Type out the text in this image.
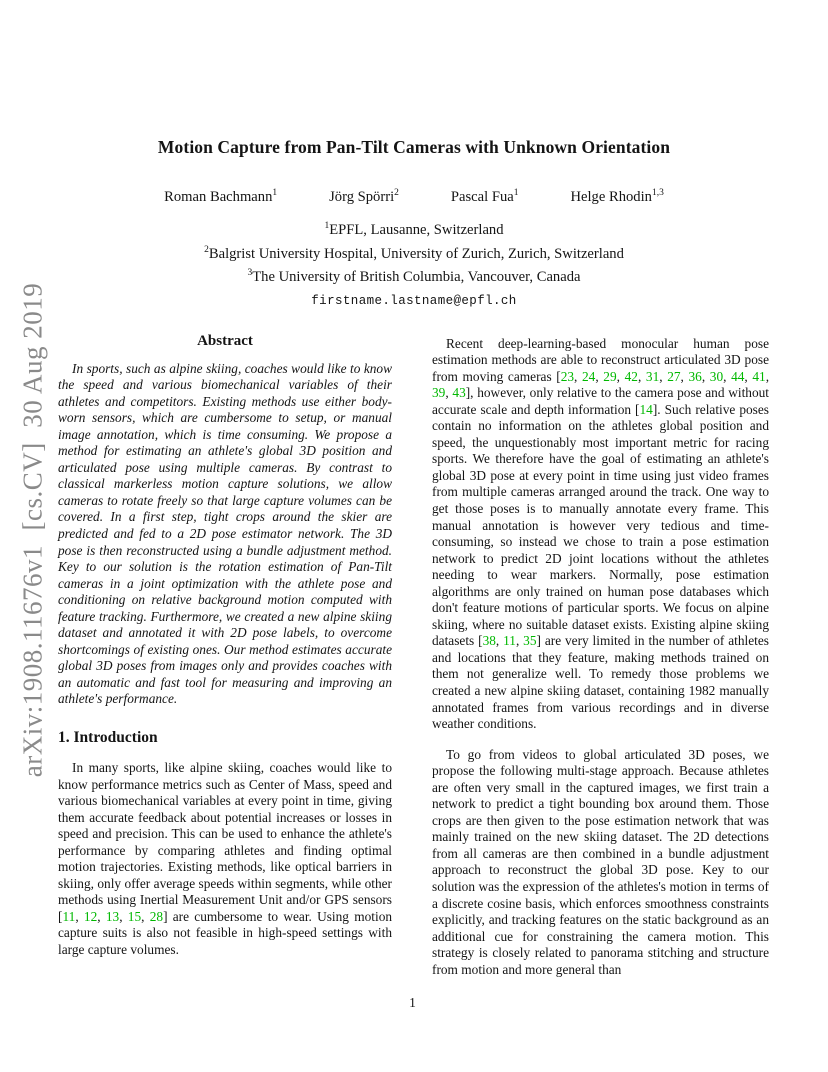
arXiv:1908.11676v1  [cs.CV]  30 Aug 2019
Motion Capture from Pan-Tilt Cameras with Unknown Orientation
Roman Bachmann$^1$	Jörg Spörri$^2$	Pascal Fua$^1$	Helge Rhodin$^{1,3}$
$^1$EPFL, Lausanne, Switzerland
$^2$Balgrist University Hospital, University of Zurich, Zurich, Switzerland
$^3$The University of British Columbia, Vancouver, Canada
firstname.lastname@epfl.ch
Abstract

In sports, such as alpine skiing, coaches would like to know the speed and various biomechanical variables of their athletes and competitors. Existing methods use either body-worn sensors, which are cumbersome to setup, or manual image annotation, which is time consuming. We propose a method for estimating an athlete's global 3D position and articulated pose using multiple cameras. By contrast to classical markerless motion capture solutions, we allow cameras to rotate freely so that large capture volumes can be covered. In a first step, tight crops around the skier are predicted and fed to a 2D pose estimator network. The 3D pose is then reconstructed using a bundle adjustment method. Key to our solution is the rotation estimation of Pan-Tilt cameras in a joint optimization with the athlete pose and conditioning on relative background motion computed with feature tracking. Furthermore, we created a new alpine skiing dataset and annotated it with 2D pose labels, to overcome shortcomings of existing ones. Our method estimates accurate global 3D poses from images only and provides coaches with an automatic and fast tool for measuring and improving an athlete's performance.

1. Introduction

In many sports, like alpine skiing, coaches would like to know performance metrics such as Center of Mass, speed and various biomechanical variables at every point in time, giving them accurate feedback about potential increases or losses in speed and precision. This can be used to enhance the athlete's performance by comparing athletes and finding optimal motion trajectories. Existing methods, like optical barriers in skiing, only offer average speeds within segments, while other methods using Inertial Measurement Unit and/or GPS sensors [11, 12, 13, 15, 28] are cumbersome to wear. Using motion capture suits is also not feasible in high-speed settings with large capture volumes.

Recent deep-learning-based monocular human pose estimation methods are able to reconstruct articulated 3D pose from moving cameras [23, 24, 29, 42, 31, 27, 36, 30, 44, 41, 39, 43], however, only relative to the camera pose and without accurate scale and depth information [14]. Such relative poses contain no information on the athletes global position and speed, the unquestionably most important metric for racing sports. We therefore have the goal of estimating an athlete's global 3D pose at every point in time using just video frames from multiple cameras arranged around the track. One way to get those poses is to manually annotate every frame. This manual annotation is however very tedious and time-consuming, so instead we chose to train a pose estimation network to predict 2D joint locations without the athletes needing to wear markers. Normally, pose estimation algorithms are only trained on human pose databases which don't feature motions of particular sports. We focus on alpine skiing, where no suitable dataset exists. Existing alpine skiing datasets [38, 11, 35] are very limited in the number of athletes and locations that they feature, making methods trained on them not generalize well. To remedy those problems we created a new alpine skiing dataset, containing 1982 manually annotated frames from various recordings and in diverse weather conditions.

To go from videos to global articulated 3D poses, we propose the following multi-stage approach. Because athletes are often very small in the captured images, we first train a network to predict a tight bounding box around them. Those crops are then given to the pose estimation network that was mainly trained on the new skiing dataset. The 2D detections from all cameras are then combined in a bundle adjustment approach to reconstruct the global 3D pose. Key to our solution was the expression of the athletes's motion in terms of a discrete cosine basis, which enforces smoothness constraints explicitly, and tracking features on the static background as an additional cue for constraining the camera motion. This strategy is closely related to panorama stitching and structure from motion and more general than

1
